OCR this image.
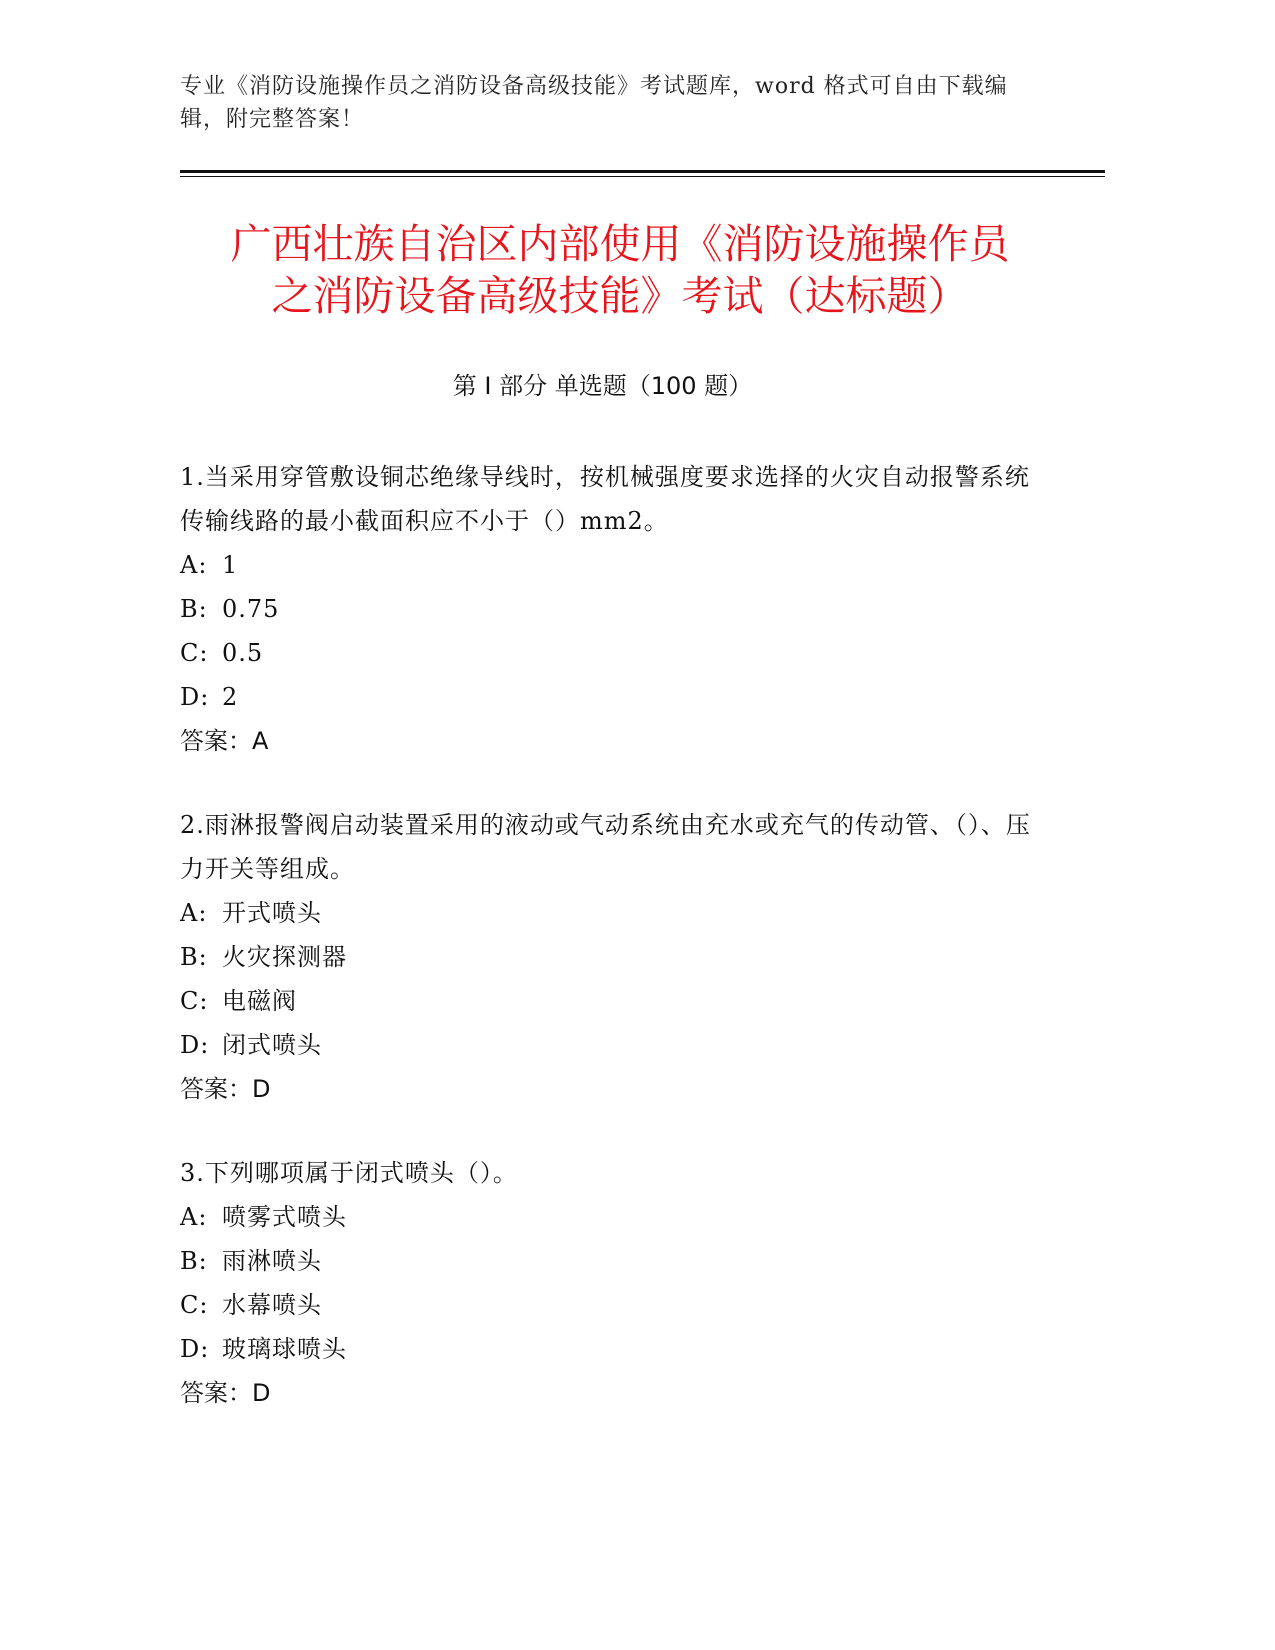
专业《消防设施操作员之消防设备高级技能》考试题库，word 格式可自由下载编辑，附完整答案！
广西壮族自治区内部使用《消防设施操作员
之消防设备高级技能》考试（达标题）
第 I 部分 单选题（100 题）
1.当采用穿管敷设铜芯绝缘导线时，按机械强度要求选择的火灾自动报警系统传输线路的最小截面积应不小于（）mm2。
A: 1
B: 0.75
C: 0.5
D: 2
答案：A
2.雨淋报警阀启动装置采用的液动或气动系统由充水或充气的传动管、（）、压力开关等组成。
A: 开式喷头
B: 火灾探测器
C: 电磁阀
D: 闭式喷头
答案：D
3.下列哪项属于闭式喷头（）。
A: 喷雾式喷头
B: 雨淋喷头
C: 水幕喷头
D: 玻璃球喷头
答案：D
